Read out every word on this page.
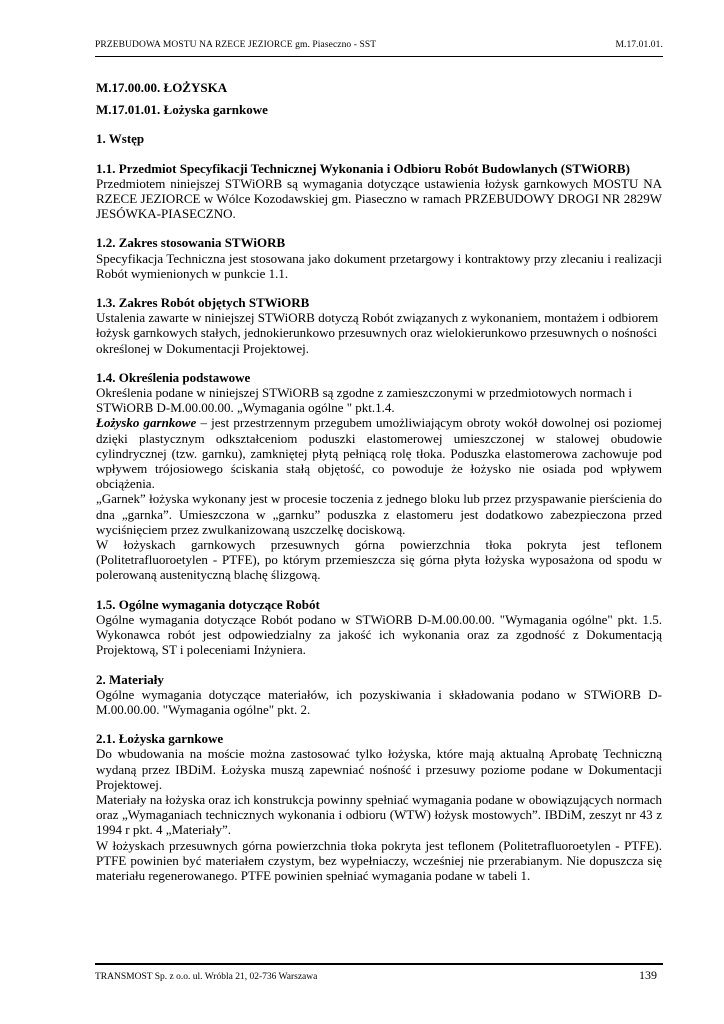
PRZEBUDOWA MOSTU NA RZECE JEZIORCE gm. Piaseczno - SST	M.17.01.01.

M.17.00.00. ŁOŻYSKA

M.17.01.01. Łożyska garnkowe

1. Wstęp

1.1. Przedmiot Specyfikacji Technicznej Wykonania i Odbioru Robót Budowlanych (STWiORB)

Przedmiotem niniejszej STWiORB są wymagania dotyczące ustawienia łożysk garnkowych MOSTU NA RZECE JEZIORCE w Wólce Kozodawskiej gm. Piaseczno w ramach PRZEBUDOWY DROGI NR 2829W JESÓWKA-PIASECZNO.

1.2. Zakres stosowania STWiORB

Specyfikacja Techniczna jest stosowana jako dokument przetargowy i kontraktowy przy zlecaniu i realizacji Robót wymienionych w punkcie 1.1.

1.3. Zakres Robót objętych STWiORB

Ustalenia zawarte w niniejszej STWiORB dotyczą Robót związanych z wykonaniem, montażem i odbiorem łożysk garnkowych stałych, jednokierunkowo przesuwnych oraz wielokierunkowo przesuwnych o nośności określonej w Dokumentacji Projektowej.

1.4. Określenia podstawowe

Określenia podane w niniejszej STWiORB są zgodne z zamieszczonymi w przedmiotowych normach i STWiORB D-M.00.00.00. „Wymagania ogólne " pkt.1.4.

Łożysko garnkowe – jest przestrzennym przegubem umożliwiającym obroty wokół dowolnej osi poziomej dzięki plastycznym odkształceniom poduszki elastomerowej umieszczonej w stalowej obudowie cylindrycznej (tzw. garnku), zamkniętej płytą pełniącą rolę tłoka. Poduszka elastomerowa zachowuje pod wpływem trójosiowego ściskania stałą objętość, co powoduje że łożysko nie osiada pod wpływem obciążenia.

„Garnek” łożyska wykonany jest w procesie toczenia z jednego bloku lub przez przyspawanie pierścienia do dna „garnka”. Umieszczona w „garnku” poduszka z elastomeru jest dodatkowo zabezpieczona przed wyciśnięciem przez zwulkanizowaną uszczelkę dociskową.

W łożyskach garnkowych przesuwnych górna powierzchnia tłoka pokryta jest teflonem (Politetrafluoroetylen - PTFE), po którym przemieszcza się górna płyta łożyska wyposażona od spodu w polerowaną austenityczną blachę ślizgową.

1.5. Ogólne wymagania dotyczące Robót

Ogólne wymagania dotyczące Robót podano w STWiORB D-M.00.00.00. "Wymagania ogólne" pkt. 1.5. Wykonawca robót jest odpowiedzialny za jakość ich wykonania oraz za zgodność z Dokumentacją Projektową, ST i poleceniami Inżyniera.

2. Materiały

Ogólne wymagania dotyczące materiałów, ich pozyskiwania i składowania podano w STWiORB D-M.00.00.00. "Wymagania ogólne" pkt. 2.

2.1. Łożyska garnkowe

Do wbudowania na moście można zastosować tylko łożyska, które mają aktualną Aprobatę Techniczną wydaną przez IBDiM. Łożyska muszą zapewniać nośność i przesuwy poziome podane w Dokumentacji Projektowej.

Materiały na łożyska oraz ich konstrukcja powinny spełniać wymagania podane w obowiązujących normach oraz „Wymaganiach technicznych wykonania i odbioru (WTW) łożysk mostowych”. IBDiM, zeszyt nr 43 z 1994 r pkt. 4 „Materiały”.

W łożyskach przesuwnych górna powierzchnia tłoka pokryta jest teflonem (Politetrafluoroetylen - PTFE). PTFE powinien być materiałem czystym, bez wypełniaczy, wcześniej nie przerabianym. Nie dopuszcza się materiału regenerowanego. PTFE powinien spełniać wymagania podane w tabeli 1.

TRANSMOST Sp. z o.o. ul. Wróbla 21, 02-736 Warszawa	139
